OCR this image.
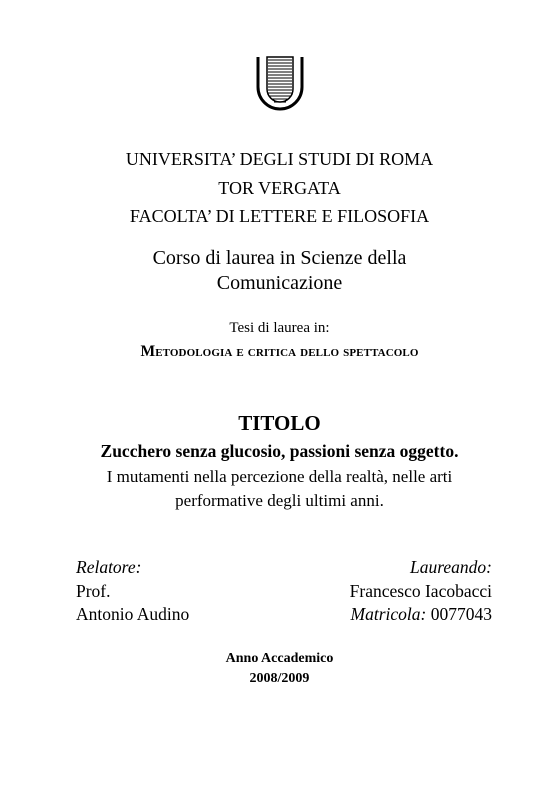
UNIVERSITA’ DEGLI STUDI DI ROMA
TOR VERGATA
FACOLTA’ DI LETTERE E FILOSOFIA
Corso di laurea in Scienze della
Comunicazione
Tesi di laurea in:
Metodologia e critica dello spettacolo
TITOLO
Zucchero senza glucosio, passioni senza oggetto.
I mutamenti nella percezione della realtà, nelle arti
performative degli ultimi anni.
Relatore:
Prof.
Antonio Audino
Laureando:
Francesco Iacobacci
Matricola: 0077043
Anno Accademico
2008/2009
